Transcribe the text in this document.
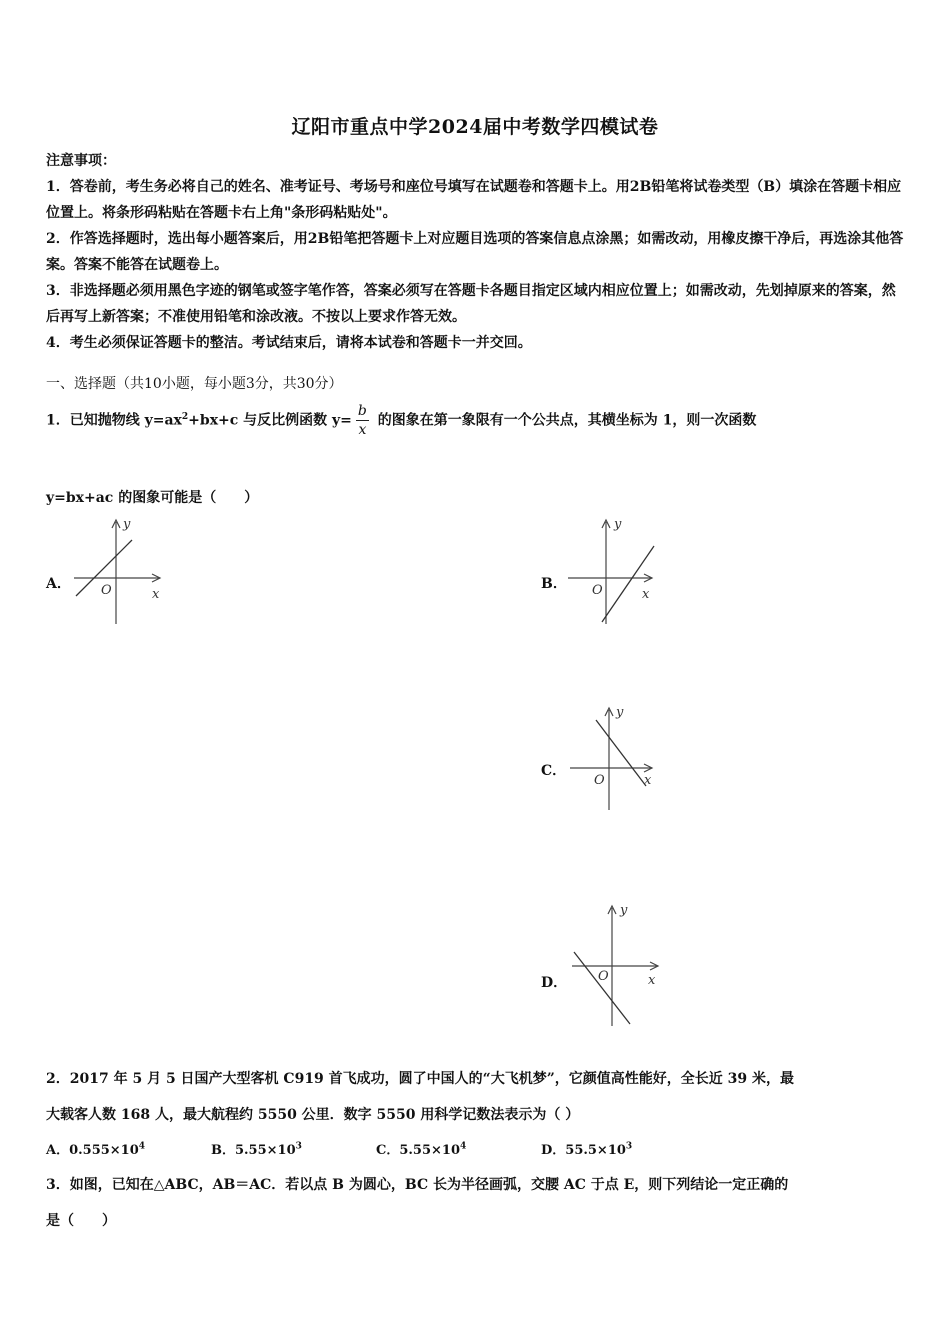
辽阳市重点中学2024届中考数学四模试卷
注意事项：
1．答卷前，考生务必将自己的姓名、准考证号、考场号和座位号填写在试题卷和答题卡上。用2B铅笔将试卷类型（B）填涂在答题卡相应位置上。将条形码粘贴在答题卡右上角"条形码粘贴处"。
2．作答选择题时，选出每小题答案后，用2B铅笔把答题卡上对应题目选项的答案信息点涂黑；如需改动，用橡皮擦干净后，再选涂其他答案。答案不能答在试题卷上。
3．非选择题必须用黑色字迹的钢笔或签字笔作答，答案必须写在答题卡各题目指定区域内相应位置上；如需改动，先划掉原来的答案，然后再写上新答案；不准使用铅笔和涂改液。不按以上要求作答无效。
4．考生必须保证答题卡的整洁。考试结束后，请将本试卷和答题卡一并交回。
一、选择题（共10小题，每小题3分，共30分）
1．已知抛物线 $y=ax^2+bx+c$ 与反比例函数 $y= \frac{b}{x}$ 的图象在第一象限有一个公共点，其横坐标为 1，则一次函数
y=bx+ac 的图象可能是（　　）
A．
y
x
O	B．
y
x
O
C．
y
x
O
D．
y
x
O
2．2017 年 5 月 5 日国产大型客机 C919 首飞成功，圆了中国人的“大飞机梦”，它颜值高性能好，全长近 39 米，最
大载客人数 168 人，最大航程约 5550 公里．数字 5550 用科学记数法表示为（ ）
A．$0.555\times 10^4$	B．$5.55\times 10^3$	C．$5.55\times 10^4$	D．$55.5\times 10^3$
3．如图，已知在△ABC，AB＝AC．若以点 B 为圆心，BC 长为半径画弧，交腰 AC 于点 E，则下列结论一定正确的
是（　　）
